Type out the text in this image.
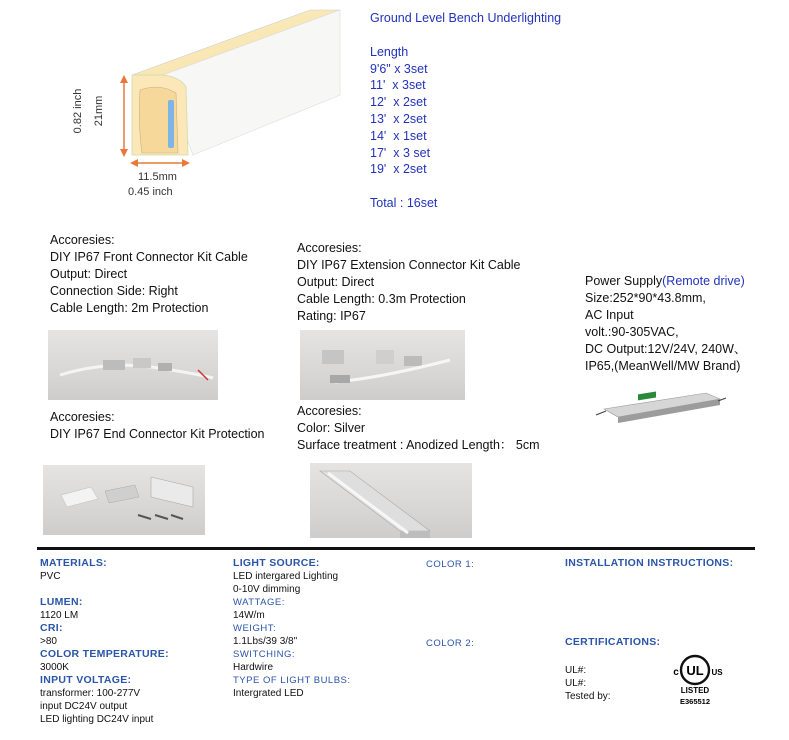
0.82 inch 21mm
11.5mm
0.45 inch
Ground Level Bench Underlighting
Length
9'6" x 3set
11'  x 3set
12'  x 2set
13'  x 2set
14'  x 1set
17'  x 3 set
19'  x 2set
Total : 16set
Accoresies:
DIY IP67 Front Connector Kit Cable
Output: Direct
Connection Side: Right
Cable Length: 2m Protection
Accoresies:
DIY IP67 Extension Connector Kit Cable
Output: Direct
Cable Length: 0.3m Protection
Rating: IP67
Power Supply(Remote drive)
Size:252*90*43.8mm,
AC Input
volt.:90-305VAC,
DC Output:12V/24V, 240W、
IP65,(MeanWell/MW Brand)
Accoresies:
DIY IP67 End Connector Kit Protection
Accoresies:
Color: Silver
Surface treatment : Anodized Length： 5cm
MATERIALS:
PVC
LUMEN:
1120 LM
CRI:
>80
COLOR TEMPERATURE:
3000K
INPUT VOLTAGE:
transformer: 100-277V
input DC24V output
LED lighting DC24V input
LIGHT SOURCE:
LED intergared Lighting
0-10V dimming
WATTAGE:
14W/m
WEIGHT:
1.1Lbs/39 3/8"
SWITCHING:
Hardwire
TYPE OF LIGHT BULBS:
Intergrated LED
COLOR 1:
COLOR 2:
INSTALLATION INSTRUCTIONS:
CERTIFICATIONS:
UL#:
UL#:
Tested by:
UL
c	US
LISTED
E365512
